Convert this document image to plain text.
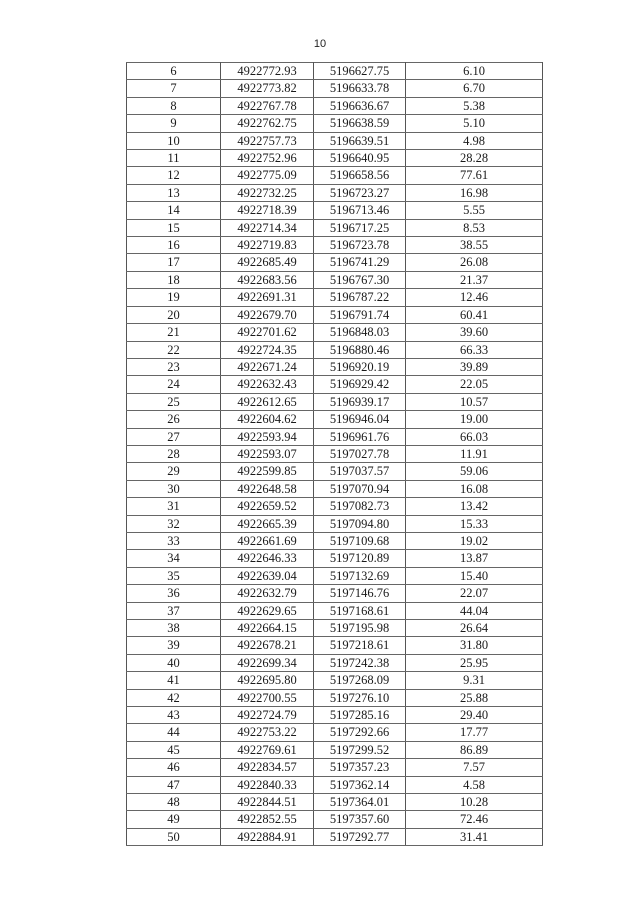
10
6	4922772.93	5196627.75	6.10
7	4922773.82	5196633.78	6.70
8	4922767.78	5196636.67	5.38
9	4922762.75	5196638.59	5.10
10	4922757.73	5196639.51	4.98
11	4922752.96	5196640.95	28.28
12	4922775.09	5196658.56	77.61
13	4922732.25	5196723.27	16.98
14	4922718.39	5196713.46	5.55
15	4922714.34	5196717.25	8.53
16	4922719.83	5196723.78	38.55
17	4922685.49	5196741.29	26.08
18	4922683.56	5196767.30	21.37
19	4922691.31	5196787.22	12.46
20	4922679.70	5196791.74	60.41
21	4922701.62	5196848.03	39.60
22	4922724.35	5196880.46	66.33
23	4922671.24	5196920.19	39.89
24	4922632.43	5196929.42	22.05
25	4922612.65	5196939.17	10.57
26	4922604.62	5196946.04	19.00
27	4922593.94	5196961.76	66.03
28	4922593.07	5197027.78	11.91
29	4922599.85	5197037.57	59.06
30	4922648.58	5197070.94	16.08
31	4922659.52	5197082.73	13.42
32	4922665.39	5197094.80	15.33
33	4922661.69	5197109.68	19.02
34	4922646.33	5197120.89	13.87
35	4922639.04	5197132.69	15.40
36	4922632.79	5197146.76	22.07
37	4922629.65	5197168.61	44.04
38	4922664.15	5197195.98	26.64
39	4922678.21	5197218.61	31.80
40	4922699.34	5197242.38	25.95
41	4922695.80	5197268.09	9.31
42	4922700.55	5197276.10	25.88
43	4922724.79	5197285.16	29.40
44	4922753.22	5197292.66	17.77
45	4922769.61	5197299.52	86.89
46	4922834.57	5197357.23	7.57
47	4922840.33	5197362.14	4.58
48	4922844.51	5197364.01	10.28
49	4922852.55	5197357.60	72.46
50	4922884.91	5197292.77	31.41
